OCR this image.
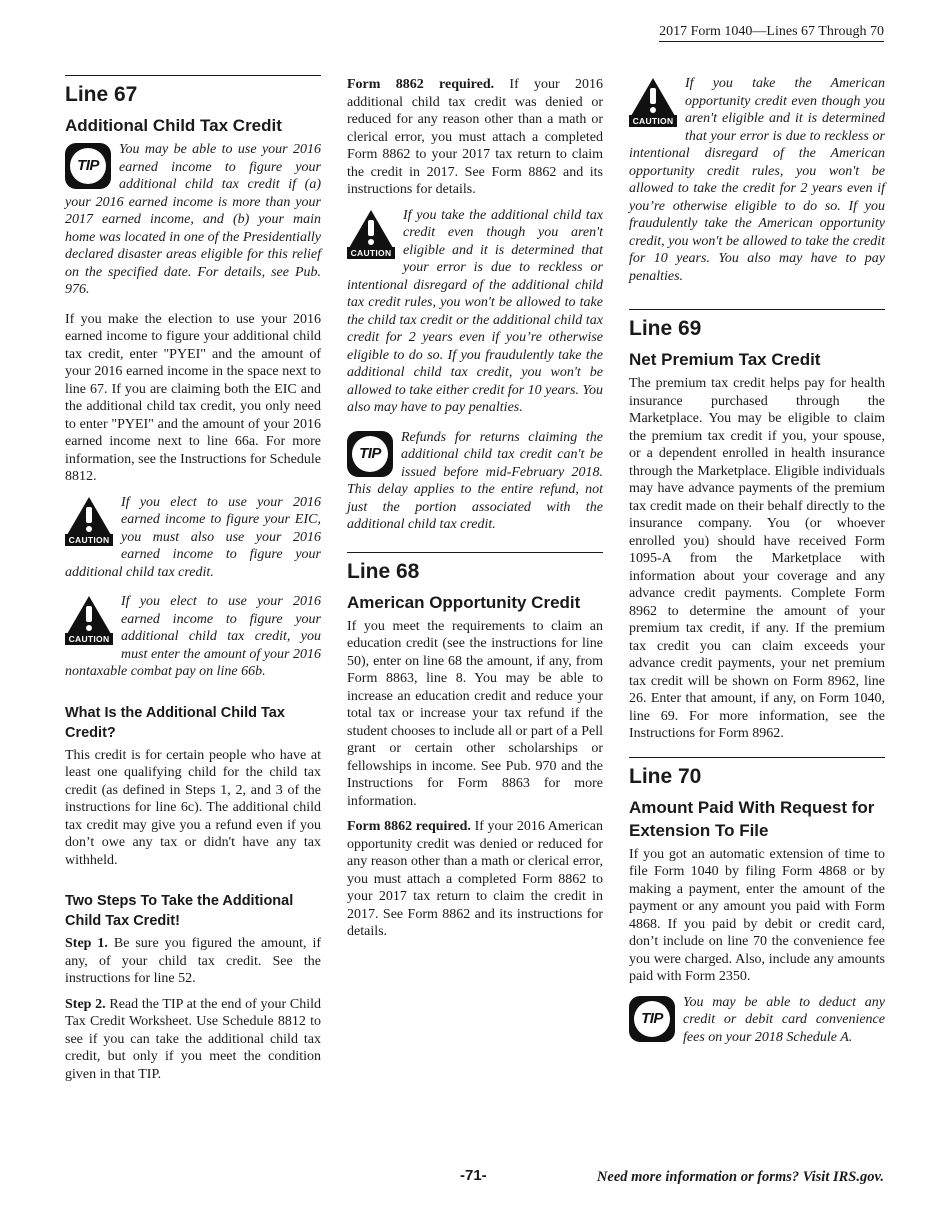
2017 Form 1040—Lines 67 Through 70
Line 67
Additional Child Tax Credit
TIP
You may be able to use your 2016 earned income to figure your additional child tax credit if (a) your 2016 earned income is more than your 2017 earned income, and (b) your main home was located in one of the Presidentially declared disaster areas eligible for this relief on the specified date. For details, see Pub. 976.

If you make the election to use your 2016 earned income to figure your additional child tax credit, enter "PYEI" and the amount of your 2016 earned income in the space next to line 67. If you are claiming both the EIC and the additional child tax credit, you only need to enter "PYEI" and the amount of your 2016 earned income next to line 66a. For more information, see the Instructions for Schedule 8812.

CAUTION
If you elect to use your 2016 earned income to figure your EIC, you must also use your 2016 earned income to figure your additional child tax credit.
CAUTION
If you elect to use your 2016 earned income to figure your additional child tax credit, you must enter the amount of your 2016 nontaxable combat pay on line 66b.
What Is the Additional Child Tax Credit?

This credit is for certain people who have at least one qualifying child for the child tax credit (as defined in Steps 1, 2, and 3 of the instructions for line 6c). The additional child tax credit may give you a refund even if you don’t owe any tax or didn't have any tax withheld.

Two Steps To Take the Additional Child Tax Credit!

Step 1. Be sure you figured the amount, if any, of your child tax credit. See the instructions for line 52.

Step 2. Read the TIP at the end of your Child Tax Credit Worksheet. Use Schedule 8812 to see if you can take the additional child tax credit, but only if you meet the condition given in that TIP.

Form 8862 required. If your 2016 additional child tax credit was denied or reduced for any reason other than a math or clerical error, you must attach a completed Form 8862 to your 2017 tax return to claim the credit in 2017. See Form 8862 and its instructions for details.

CAUTION
If you take the additional child tax credit even though you aren't eligible and it is determined that your error is due to reckless or intentional disregard of the additional child tax credit rules, you won't be allowed to take the child tax credit or the additional child tax credit for 2 years even if you’re otherwise eligible to do so. If you fraudulently take the additional child tax credit, you won't be allowed to take either credit for 10 years. You also may have to pay penalties.
TIP
Refunds for returns claiming the additional child tax credit can't be issued before mid-February 2018. This delay applies to the entire refund, not just the portion associated with the additional child tax credit.
Line 68
American Opportunity Credit

If you meet the requirements to claim an education credit (see the instructions for line 50), enter on line 68 the amount, if any, from Form 8863, line 8. You may be able to increase an education credit and reduce your total tax or increase your tax refund if the student chooses to include all or part of a Pell grant or certain other scholarships or fellowships in income. See Pub. 970 and the Instructions for Form 8863 for more information.

Form 8862 required. If your 2016 American opportunity credit was denied or reduced for any reason other than a math or clerical error, you must attach a completed Form 8862 to your 2017 tax return to claim the credit in 2017. See Form 8862 and its instructions for details.

CAUTION
If you take the American opportunity credit even though you aren't eligible and it is determined that your error is due to reckless or intentional disregard of the American opportunity credit rules, you won't be allowed to take the credit for 2 years even if you’re otherwise eligible to do so. If you fraudulently take the American opportunity credit, you won't be allowed to take the credit for 10 years. You also may have to pay penalties.
Line 69
Net Premium Tax Credit

The premium tax credit helps pay for health insurance purchased through the Marketplace. You may be eligible to claim the premium tax credit if you, your spouse, or a dependent enrolled in health insurance through the Marketplace. Eligible individuals may have advance payments of the premium tax credit made on their behalf directly to the insurance company. You (or whoever enrolled you) should have received Form 1095-A from the Marketplace with information about your coverage and any advance credit payments. Complete Form 8962 to determine the amount of your premium tax credit, if any. If the premium tax credit you can claim exceeds your advance credit payments, your net premium tax credit will be shown on Form 8962, line 26. Enter that amount, if any, on Form 1040, line 69. For more information, see the Instructions for Form 8962.

Line 70
Amount Paid With Request for Extension To File

If you got an automatic extension of time to file Form 1040 by filing Form 4868 or by making a payment, enter the amount of the payment or any amount you paid with Form 4868. If you paid by debit or credit card, don’t include on line 70 the convenience fee you were charged. Also, include any amounts paid with Form 2350.

TIP
You may be able to deduct any credit or debit card convenience fees on your 2018 Schedule A.
-71-	Need more information or forms? Visit IRS.gov.
